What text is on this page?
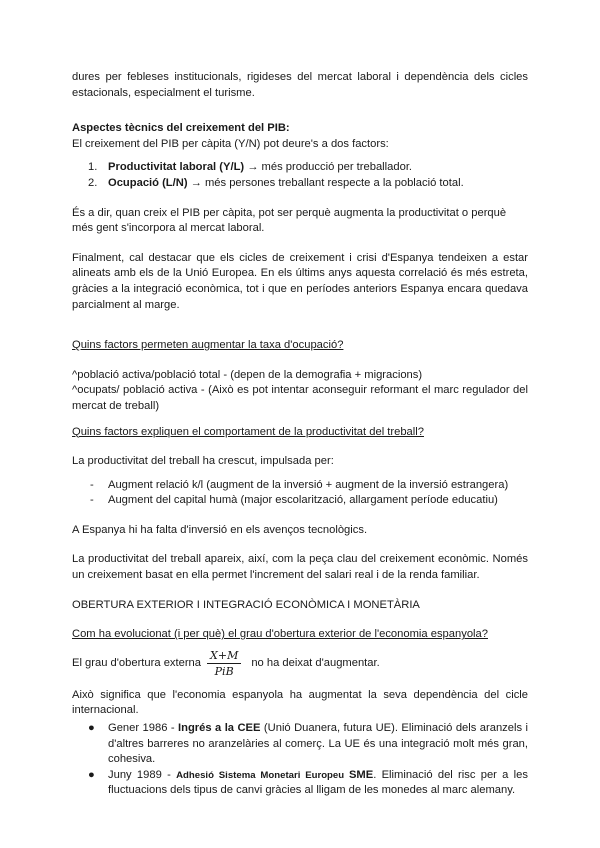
dures per febleses institucionals, rigideses del mercat laboral i dependència dels cicles estacionals, especialment el turisme.

Aspectes tècnics del creixement del PIB:

El creixement del PIB per càpita (Y/N) pot deure's a dos factors:

1. Productivitat laboral (Y/L) → més producció per treballador.
2. Ocupació (L/N) → més persones treballant respecte a la població total.

És a dir, quan creix el PIB per càpita, pot ser perquè augmenta la productivitat o perquè més gent s'incorpora al mercat laboral.

Finalment, cal destacar que els cicles de creixement i crisi d'Espanya tendeixen a estar alineats amb els de la Unió Europea. En els últims anys aquesta correlació és més estreta, gràcies a la integració econòmica, tot i que en períodes anteriors Espanya encara quedava parcialment al marge.

Quins factors permeten augmentar la taxa d'ocupació?

^població activa/població total - (depen de la demografia + migracions)

^ocupats/ població activa - (Això es pot intentar aconseguir reformant el marc regulador del mercat de treball)

Quins factors expliquen el comportament de la productivitat del treball?

La productivitat del treball ha crescut, impulsada per:

- Augment relació k/l (augment de la inversió + augment de la inversió estrangera)
- Augment del capital humà (major escolarització, allargament període educatiu)

A Espanya hi ha falta d'inversió en els avenços tecnològics.

La productivitat del treball apareix, així, com la peça clau del creixement econòmic. Només un creixement basat en ella permet l'increment del salari real i de la renda familiar.

OBERTURA EXTERIOR I INTEGRACIÓ ECONÒMICA I MONETÀRIA

Com ha evolucionat (i per què) el grau d'obertura exterior de l'economia espanyola?

El grau d'obertura externa $\frac{X+M}{\text{PiB}}$ no ha deixat d'augmentar.

Això significa que l'economia espanyola ha augmentat la seva dependència del cicle internacional.

● Gener 1986 - Ingrés a la CEE (Unió Duanera, futura UE). Eliminació dels aranzels i d'altres barreres no aranzelàries al comerç. La UE és una integració molt més gran, cohesiva.
● Juny 1989 - Adhesió Sistema Monetari Europeu SME. Eliminació del risc per a les fluctuacions dels tipus de canvi gràcies al lligam de les monedes al marc alemany.
